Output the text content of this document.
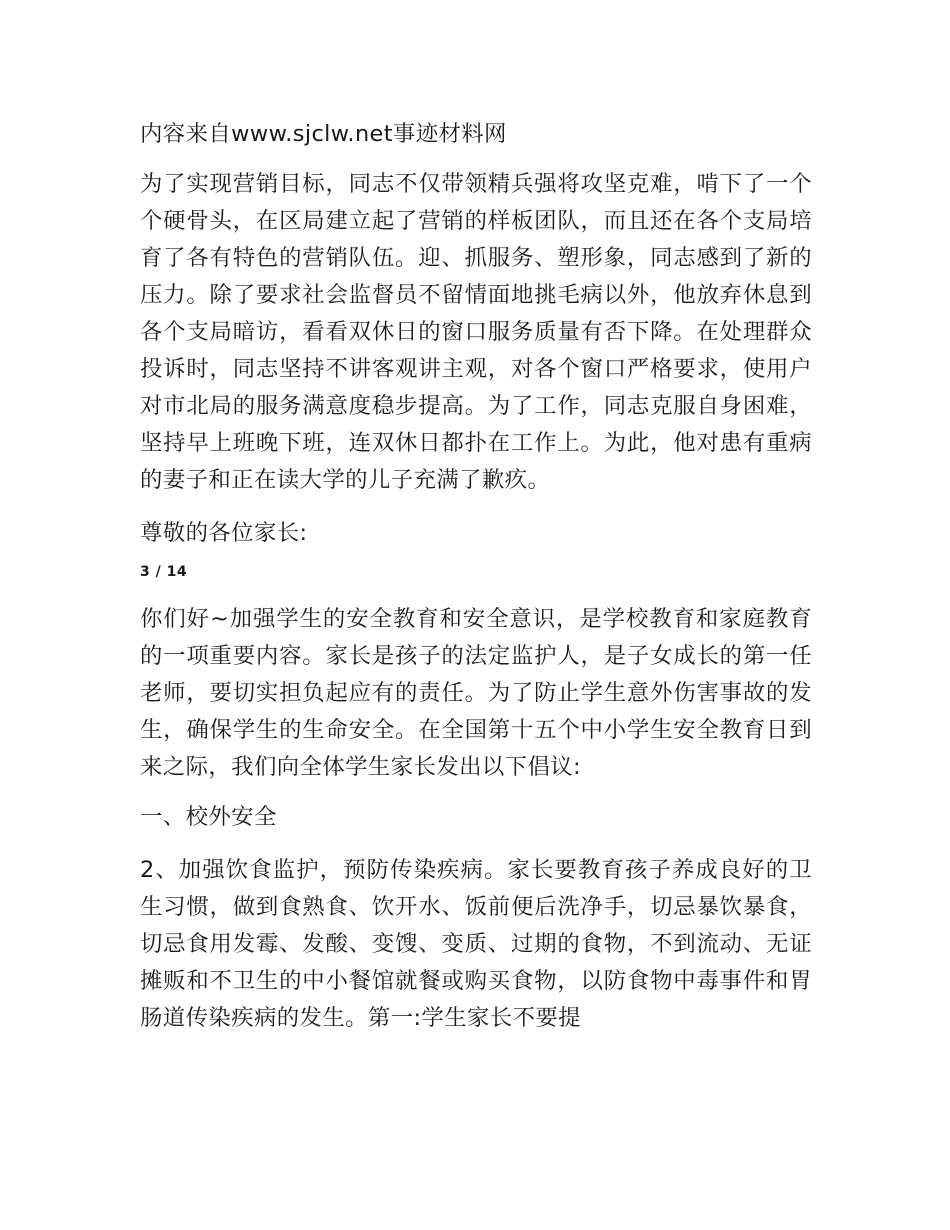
内容来自www.sjclw.net事迹材料网

为了实现营销目标，同志不仅带领精兵强将攻坚克难，啃下了一个个硬骨头，在区局建立起了营销的样板团队，而且还在各个支局培育了各有特色的营销队伍。迎、抓服务、塑形象，同志感到了新的压力。除了要求社会监督员不留情面地挑毛病以外，他放弃休息到各个支局暗访，看看双休日的窗口服务质量有否下降。在处理群众投诉时，同志坚持不讲客观讲主观，对各个窗口严格要求，使用户对市北局的服务满意度稳步提高。为了工作，同志克服自身困难，坚持早上班晚下班，连双休日都扑在工作上。为此，他对患有重病的妻子和正在读大学的儿子充满了歉疚。

尊敬的各位家长:

3 / 14

你们好~加强学生的安全教育和安全意识，是学校教育和家庭教育的一项重要内容。家长是孩子的法定监护人，是子女成长的第一任老师，要切实担负起应有的责任。为了防止学生意外伤害事故的发生，确保学生的生命安全。在全国第十五个中小学生安全教育日到来之际，我们向全体学生家长发出以下倡议:

一、校外安全

2、加强饮食监护，预防传染疾病。家长要教育孩子养成良好的卫生习惯，做到食熟食、饮开水、饭前便后洗净手，切忌暴饮暴食，切忌食用发霉、发酸、变馊、变质、过期的食物，不到流动、无证摊贩和不卫生的中小餐馆就餐或购买食物，以防食物中毒事件和胃肠道传染疾病的发生。第一:学生家长不要提
